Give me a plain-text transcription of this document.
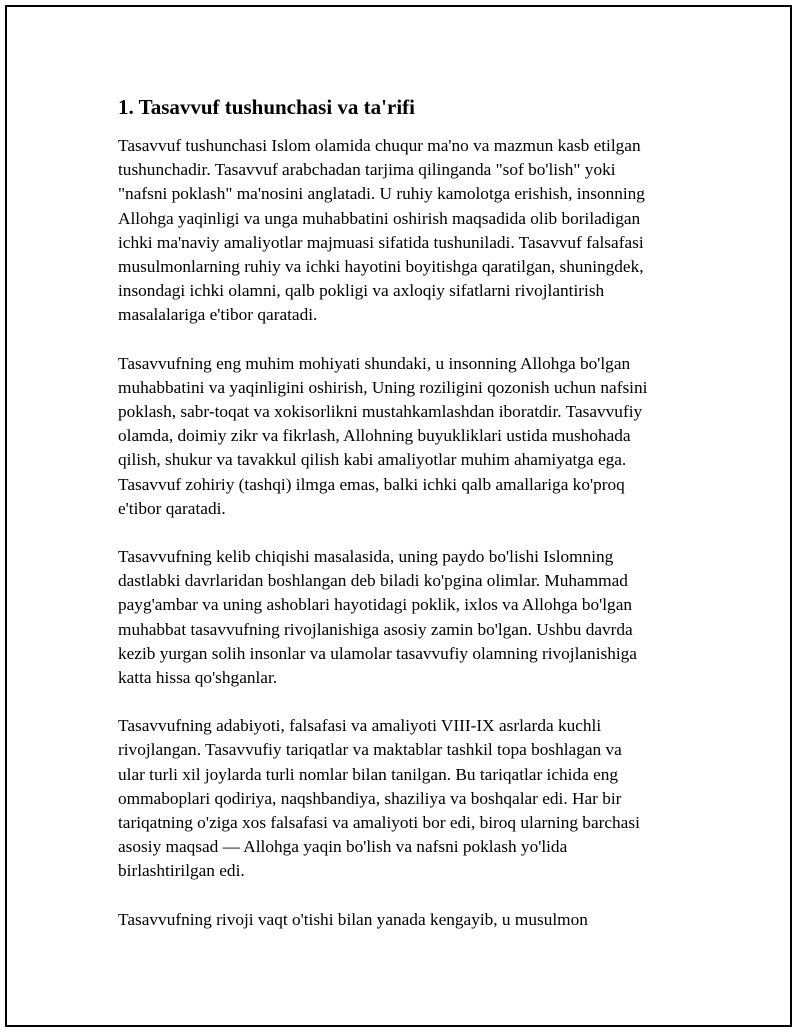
1. Tasavvuf tushunchasi va ta'rifi

Tasavvuf tushunchasi Islom olamida chuqur ma'no va mazmun kasb etilgan
tushunchadir. Tasavvuf arabchadan tarjima qilinganda "sof bo'lish" yoki
"nafsni poklash" ma'nosini anglatadi. U ruhiy kamolotga erishish, insonning
Allohga yaqinligi va unga muhabbatini oshirish maqsadida olib boriladigan
ichki ma'naviy amaliyotlar majmuasi sifatida tushuniladi. Tasavvuf falsafasi
musulmonlarning ruhiy va ichki hayotini boyitishga qaratilgan, shuningdek,
insondagi ichki olamni, qalb pokligi va axloqiy sifatlarni rivojlantirish
masalalariga e'tibor qaratadi.

Tasavvufning eng muhim mohiyati shundaki, u insonning Allohga bo'lgan
muhabbatini va yaqinligini oshirish, Uning roziligini qozonish uchun nafsini
poklash, sabr-toqat va xokisorlikni mustahkamlashdan iboratdir. Tasavvufiy
olamda, doimiy zikr va fikrlash, Allohning buyukliklari ustida mushohada
qilish, shukur va tavakkul qilish kabi amaliyotlar muhim ahamiyatga ega.
Tasavvuf zohiriy (tashqi) ilmga emas, balki ichki qalb amallariga ko'proq
e'tibor qaratadi.

Tasavvufning kelib chiqishi masalasida, uning paydo bo'lishi Islomning
dastlabki davrlaridan boshlangan deb biladi ko'pgina olimlar. Muhammad
payg'ambar va uning ashoblari hayotidagi poklik, ixlos va Allohga bo'lgan
muhabbat tasavvufning rivojlanishiga asosiy zamin bo'lgan. Ushbu davrda
kezib yurgan solih insonlar va ulamolar tasavvufiy olamning rivojlanishiga
katta hissa qo'shganlar.

Tasavvufning adabiyoti, falsafasi va amaliyoti VIII-IX asrlarda kuchli
rivojlangan. Tasavvufiy tariqatlar va maktablar tashkil topa boshlagan va
ular turli xil joylarda turli nomlar bilan tanilgan. Bu tariqatlar ichida eng
ommaboplari qodiriya, naqshbandiya, shaziliya va boshqalar edi. Har bir
tariqatning o'ziga xos falsafasi va amaliyoti bor edi, biroq ularning barchasi
asosiy maqsad — Allohga yaqin bo'lish va nafsni poklash yo'lida
birlashtirilgan edi.

Tasavvufning rivoji vaqt o'tishi bilan yanada kengayib, u musulmon
